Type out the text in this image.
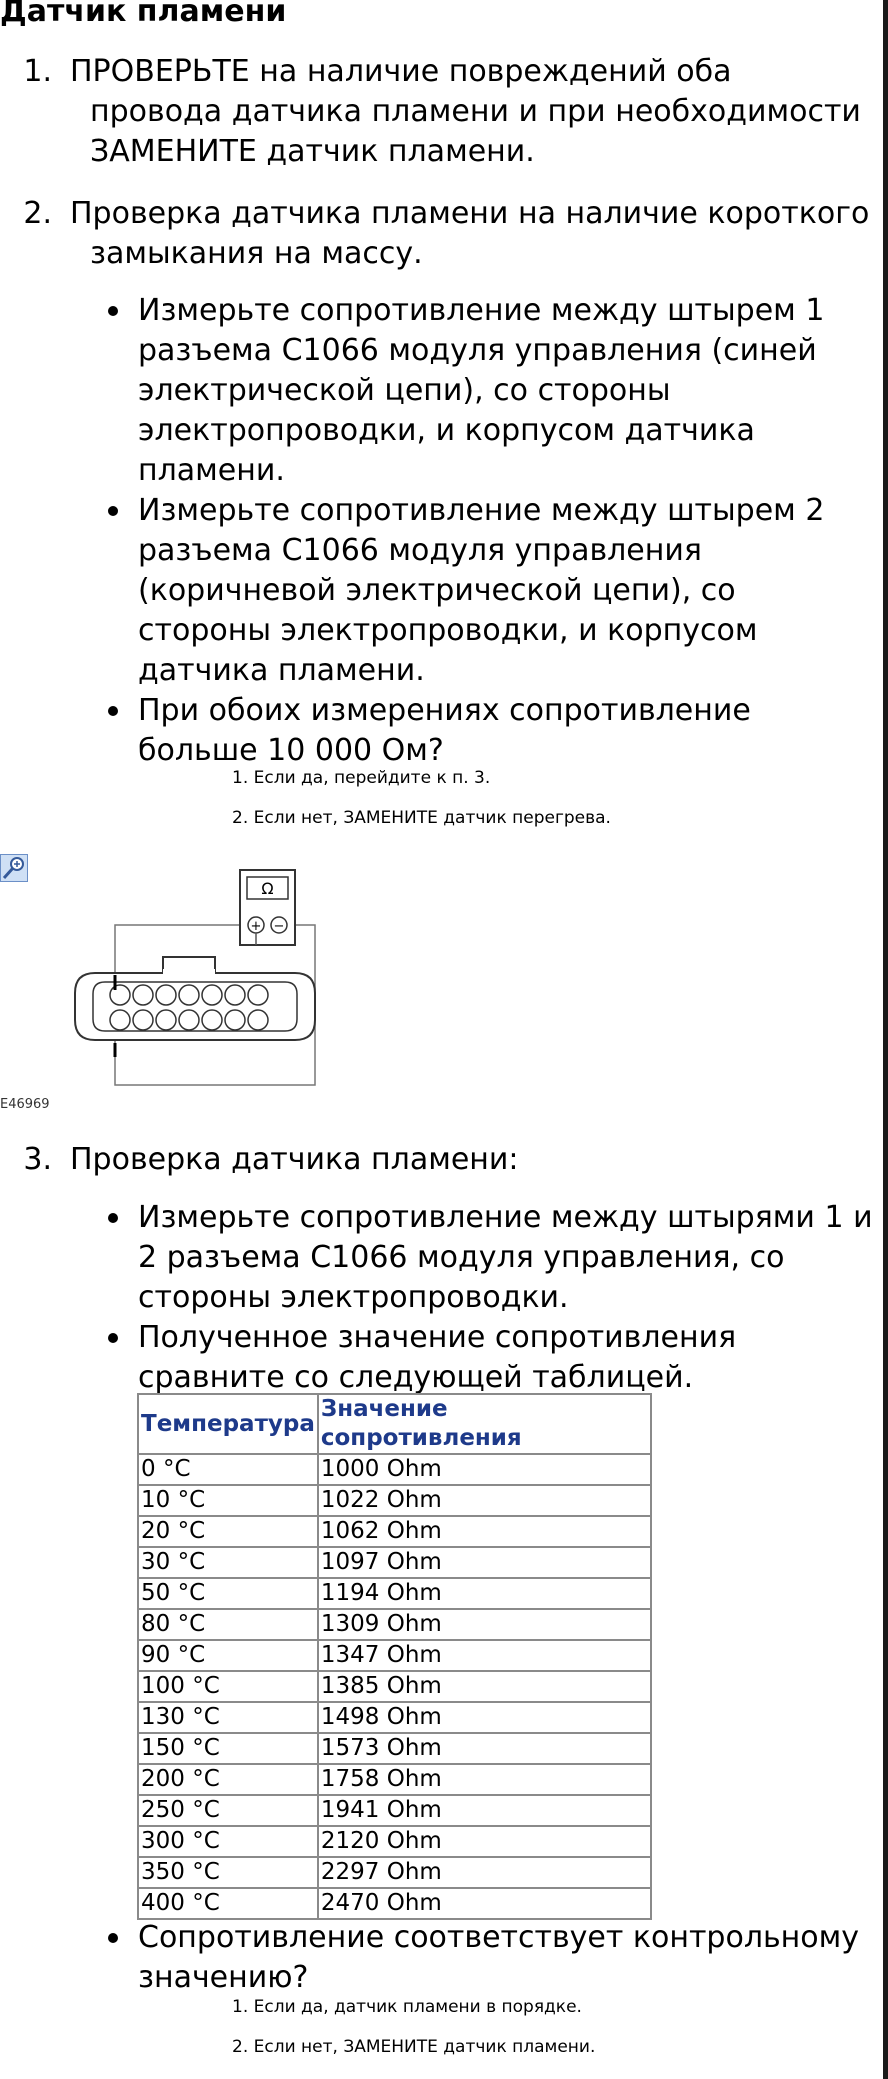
Датчик пламени
1. ПРОВЕРЬТЕ на наличие повреждений оба
провода датчика пламени и при необходимости
ЗАМЕНИТЕ датчик пламени.
2. Проверка датчика пламени на наличие короткого
замыкания на массу.
Измерьте сопротивление между штырем 1
разъема C1066 модуля управления (синей
электрической цепи), со стороны
электропроводки, и корпусом датчика
пламени.
Измерьте сопротивление между штырем 2
разъема C1066 модуля управления
(коричневой электрической цепи), со
стороны электропроводки, и корпусом
датчика пламени.
При обоих измерениях сопротивление
больше 10 000 Ом?
1. Если да, перейдите к п. 3.
2. Если нет, ЗАМЕНИТЕ датчик перегрева.
Ω
+ −
E46969
3. Проверка датчика пламени:
Измерьте сопротивление между штырями 1 и
2 разъема C1066 модуля управления, со
стороны электропроводки.
Полученное значение сопротивления
сравните со следующей таблицей.
Температура	Значение сопротивления
0 °C	1000 Ohm
10 °C	1022 Ohm
20 °C	1062 Ohm
30 °C	1097 Ohm
50 °C	1194 Ohm
80 °C	1309 Ohm
90 °C	1347 Ohm
100 °C	1385 Ohm
130 °C	1498 Ohm
150 °C	1573 Ohm
200 °C	1758 Ohm
250 °C	1941 Ohm
300 °C	2120 Ohm
350 °C	2297 Ohm
400 °C	2470 Ohm
Сопротивление соответствует контрольному
значению?
1. Если да, датчик пламени в порядке.
2. Если нет, ЗАМЕНИТЕ датчик пламени.
